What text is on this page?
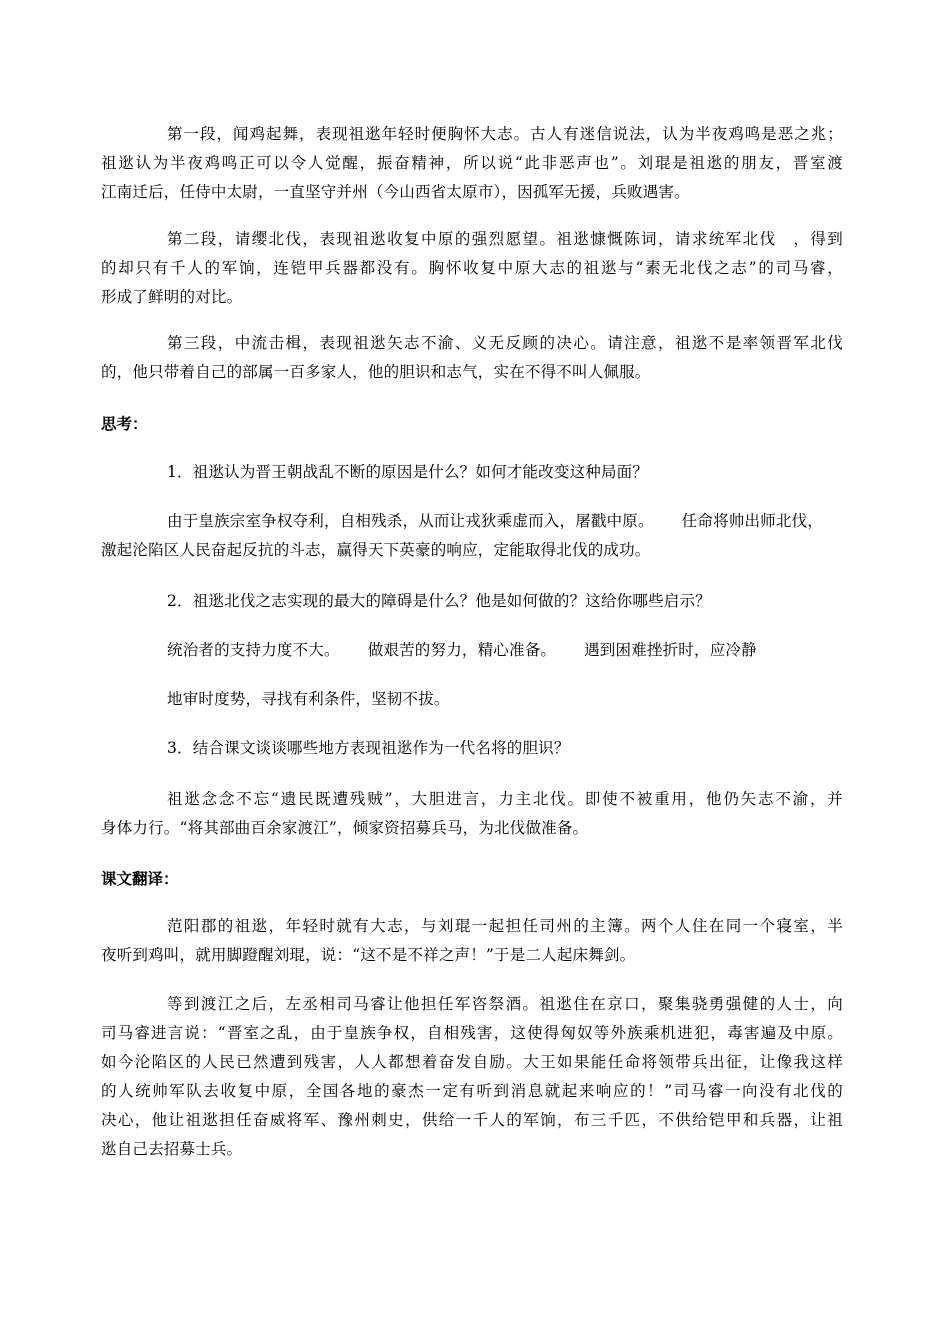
第一段，闻鸡起舞，表现祖逖年轻时便胸怀大志。古人有迷信说法，认为半夜鸡鸣是恶之兆；
祖逖认为半夜鸡鸣正可以令人觉醒，振奋精神，所以说“此非恶声也”。刘琨是祖逖的朋友，晋室渡
江南迁后，任侍中太尉，一直坚守并州（今山西省太原市），因孤军无援，兵败遇害。
第二段，请缨北伐，表现祖逖收复中原的强烈愿望。祖逖慷慨陈词，请求统军北伐　，得到
的却只有千人的军饷，连铠甲兵器都没有。胸怀收复中原大志的祖逖与“素无北伐之志”的司马睿，
形成了鲜明的对比。
第三段，中流击楫，表现祖逖矢志不渝、义无反顾的决心。请注意，祖逖不是率领晋军北伐
的，他只带着自己的部属一百多家人，他的胆识和志气，实在不得不叫人佩服。
思考：
1．祖逖认为晋王朝战乱不断的原因是什么？如何才能改变这种局面？
由于皇族宗室争权夺利，自相残杀，从而让戎狄乘虚而入，屠戳中原。 任命将帅出师北伐，
激起沦陷区人民奋起反抗的斗志，赢得天下英豪的响应，定能取得北伐的成功。
2．祖逖北伐之志实现的最大的障碍是什么？他是如何做的？这给你哪些启示？
统治者的支持力度不大。 做艰苦的努力，精心准备。 遇到困难挫折时，应冷静
地审时度势，寻找有利条件，坚韧不拔。
3．结合课文谈谈哪些地方表现祖逖作为一代名将的胆识？
祖逖念念不忘“遗民既遭残贼”，大胆进言，力主北伐。即使不被重用，他仍矢志不渝，并
身体力行。“将其部曲百余家渡江”，倾家资招募兵马，为北伐做准备。
课文翻译：
范阳郡的祖逖，年轻时就有大志，与刘琨一起担任司州的主簿。两个人住在同一个寝室，半
夜听到鸡叫，就用脚蹬醒刘琨，说：“这不是不祥之声！”于是二人起床舞剑。
等到渡江之后，左丞相司马睿让他担任军咨祭酒。祖逖住在京口，聚集骁勇强健的人士，向
司马睿进言说：“晋室之乱，由于皇族争权，自相残害，这使得匈奴等外族乘机进犯，毒害遍及中原。
如今沦陷区的人民已然遭到残害，人人都想着奋发自励。大王如果能任命将领带兵出征，让像我这样
的人统帅军队去收复中原，全国各地的豪杰一定有听到消息就起来响应的！”司马睿一向没有北伐的
决心，他让祖逖担任奋威将军、豫州刺史，供给一千人的军饷，布三千匹，不供给铠甲和兵器，让祖
逖自己去招募士兵。
